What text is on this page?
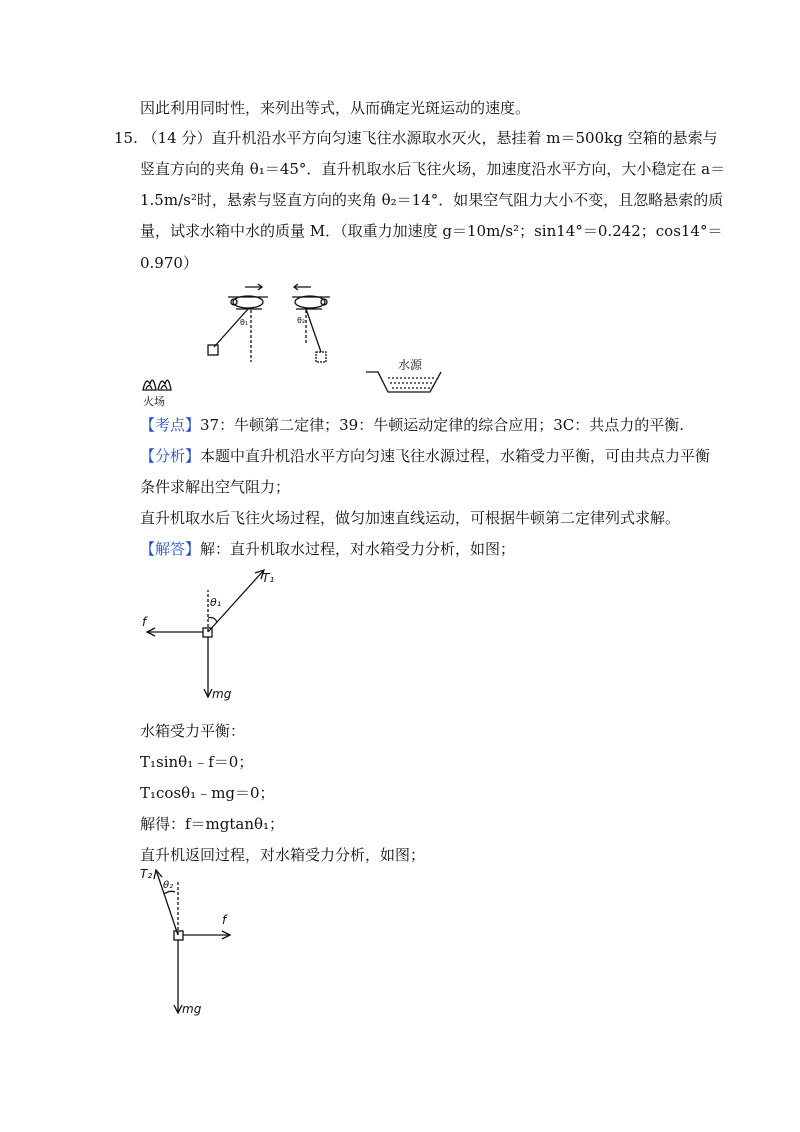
因此利用同时性，来列出等式，从而确定光斑运动的速度。
15. （14 分）直升机沿水平方向匀速飞往水源取水灭火，悬挂着 m＝500kg 空箱的悬索与
竖直方向的夹角 θ₁＝45°．直升机取水后飞往火场，加速度沿水平方向，大小稳定在 a＝
1.5m/s²时，悬索与竖直方向的夹角 θ₂＝14°．如果空气阻力大小不变，且忽略悬索的质
量，试求水箱中水的质量 M．（取重力加速度 g＝10m/s²；sin14°＝0.242；cos14°＝
0.970）
【考点】37：牛顿第二定律；39：牛顿运动定律的综合应用；3C：共点力的平衡.
【分析】本题中直升机沿水平方向匀速飞往水源过程，水箱受力平衡，可由共点力平衡
条件求解出空气阻力；
直升机取水后飞往火场过程，做匀加速直线运动，可根据牛顿第二定律列式求解。
【解答】解：直升机取水过程，对水箱受力分析，如图；
水箱受力平衡：
T₁sinθ₁﹣f＝0；
T₁cosθ₁﹣mg＝0；
解得：f＝mgtanθ₁；
直升机返回过程，对水箱受力分析，如图；
θ₁	θ₂
水源
火场
T₁
θ₁
f
mg
T₂
θ₂
f
mg
